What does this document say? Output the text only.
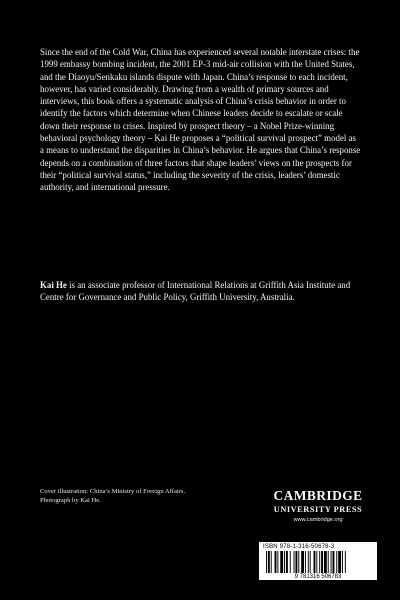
Since the end of the Cold War, China has experienced several notable interstate crises: the 1999 embassy bombing incident, the 2001 EP-3 mid-air collision with the United States, and the Diaoyu/Senkaku islands dispute with Japan. China’s response to each incident, however, has varied considerably. Drawing from a wealth of primary sources and interviews, this book offers a systematic analysis of China’s crisis behavior in order to identify the factors which determine when Chinese leaders decide to escalate or scale down their response to crises. Inspired by prospect theory – a Nobel Prize-winning behavioral psychology theory – Kai He proposes a “political survival prospect” model as a means to understand the disparities in China’s behavior. He argues that China’s response depends on a combination of three factors that shape leaders’ views on the prospects for their “political survival status,” including the severity of the crisis, leaders’ domestic authority, and international pressure.

Kai He is an associate professor of International Relations at Griffith Asia Institute and Centre for Governance and Public Policy, Griffith University, Australia.

Cover illustration: China’s Ministry of Foreign Affairs. Photograph by Kai He.	CAMBRIDGE
UNIVERSITY PRESS
www.cambridge.org
ISBN 978-1-316-50678-3
9 781316 506783
